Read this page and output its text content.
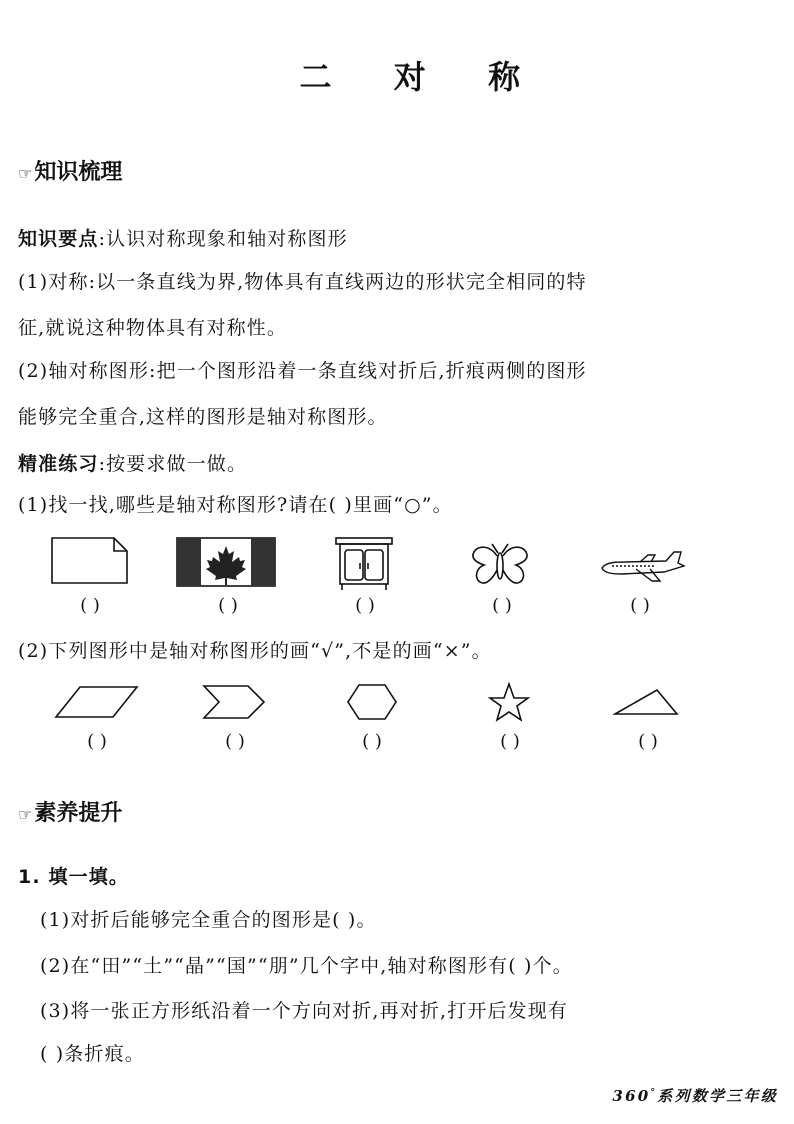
二 对 称
☞知识梳理
知识要点:认识对称现象和轴对称图形
(1)对称:以一条直线为界,物体具有直线两边的形状完全相同的特
征,就说这种物体具有对称性。
(2)轴对称图形:把一个图形沿着一条直线对折后,折痕两侧的图形
能够完全重合,这样的图形是轴对称图形。
精准练习:按要求做一做。
(1)找一找,哪些是轴对称图形?请在( )里画“○”。
( )	( )	( )	( )	( )
(2)下列图形中是轴对称图形的画“√”,不是的画“×”。
( )	( )	( )	( )	( )
☞素养提升
1. 填一填。
(1)对折后能够完全重合的图形是( )。
(2)在“田”“土”“晶”“国”“朋”几个字中,轴对称图形有( )个。
(3)将一张正方形纸沿着一个方向对折,再对折,打开后发现有
( )条折痕。
360°系列数学三年级
